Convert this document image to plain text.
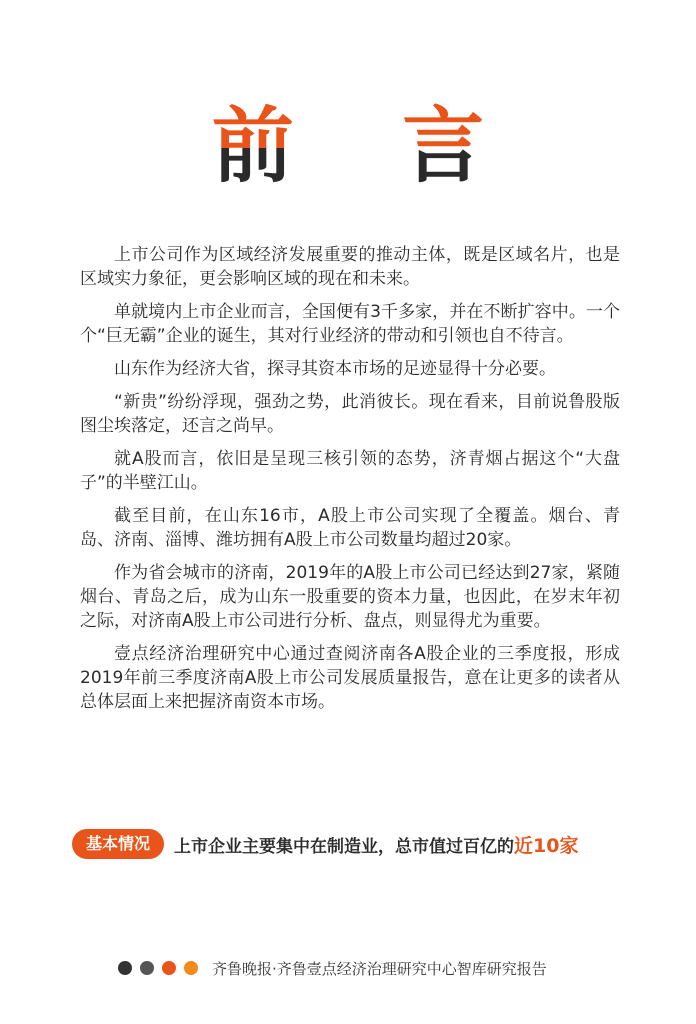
前 言

上市公司作为区域经济发展重要的推动主体，既是区域名片，也是区域实力象征，更会影响区域的现在和未来。

单就境内上市企业而言，全国便有3千多家，并在不断扩容中。一个个“巨无霸”企业的诞生，其对行业经济的带动和引领也自不待言。

山东作为经济大省，探寻其资本市场的足迹显得十分必要。

“新贵”纷纷浮现，强劲之势，此消彼长。现在看来，目前说鲁股版图尘埃落定，还言之尚早。

就A股而言，依旧是呈现三核引领的态势，济青烟占据这个“大盘子”的半壁江山。

截至目前，在山东16市，A股上市公司实现了全覆盖。烟台、青岛、济南、淄博、潍坊拥有A股上市公司数量均超过20家。

作为省会城市的济南，2019年的A股上市公司已经达到27家，紧随烟台、青岛之后，成为山东一股重要的资本力量，也因此，在岁末年初之际，对济南A股上市公司进行分析、盘点，则显得尤为重要。

壹点经济治理研究中心通过查阅济南各A股企业的三季度报，形成2019年前三季度济南A股上市公司发展质量报告，意在让更多的读者从总体层面上来把握济南资本市场。

基本情况	上市企业主要集中在制造业，总市值过百亿的近10家
齐鲁晚报·齐鲁壹点经济治理研究中心智库研究报告
